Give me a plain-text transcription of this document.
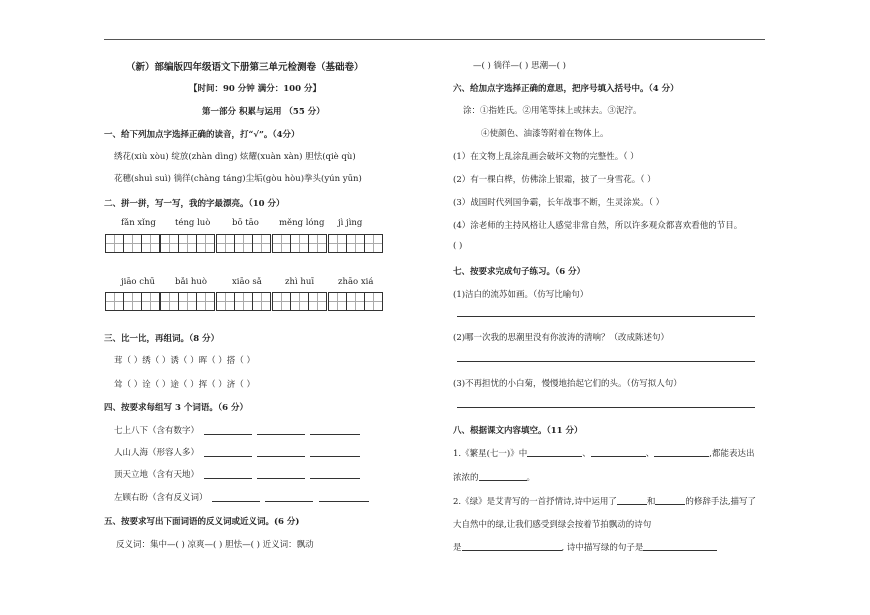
（新）部编版四年级语文下册第三单元检测卷（基础卷）
【时间：90 分钟 满分：100 分】
第一部分 积累与运用 （55 分）
一、给下列加点字选择正确的读音，打“√”。（4分）
绣花(xiù xòu) 绽放(zhàn dìng) 炫耀(xuàn xàn) 胆怯(qiè qù)
花穗(shuì suì) 徜徉(chàng táng)尘垢(gòu hòu)拳头(yún yūn)
二、拼一拼，写一写，我的字最漂亮。（10 分）
fǎn xǐng téng luò	bō tāo měng lóng jì jìng
jiāo chū bǎi huò	xiāo sǎ	zhì huī	zhāo xiá
三、比一比，再组词。（8 分）
茸（ ）绣（ ）诱（ ）晖（ ）搭（ ）
耸（ ）诠（ ）途（ ）挥（ ）济（ ）
四、按要求每组写 3 个词语。（6 分）
七上八下（含有数字）
人山人海（形容人多）
顶天立地（含有天地）
左顾右盼（含有反义词）
五、按要求写出下面词语的反义词或近义词。(6 分)
反义词：集中—( ) 凉爽—( ) 胆怯—( ) 近义词：飘动
—( ) 徜徉—( ) 思潮—( )
六、给加点字选择正确的意思，把序号填入括号中。（4 分）
涂：①指姓氏。②用笔等抹上或抹去。③泥泞。
④使颜色、油漆等附着在物体上。
(1）在文物上乱涂乱画会破坏文物的完整性。（ ）
(2）有一棵白桦，仿佛涂上银霜，披了一身雪花。（ ）
(3）战国时代列国争霸，长年战事不断，生灵涂炭。（ ）
(4）涂老师的主持风格让人感觉非常自然，所以许多观众都喜欢看他的节目。
( )
七、按要求完成句子练习。（6 分）
(1)洁白的流苏如画。（仿写比喻句）
(2)哪一次我的思潮里没有你波涛的清响？（改成陈述句）
(3)不再担忧的小白菊，慢慢地抬起它们的头。（仿写拟人句）
八、根据课文内容填空。（11 分）
1.《繁星(七一)》中	、	、	,都能表达出
浓浓的	。
2.《绿》是艾青写的一首抒情诗,诗中运用了	和	的修辞手法,描写了
大自然中的绿,让我们感受到绿会按着节拍飘动的诗句
是	, 诗中描写绿的句子是
